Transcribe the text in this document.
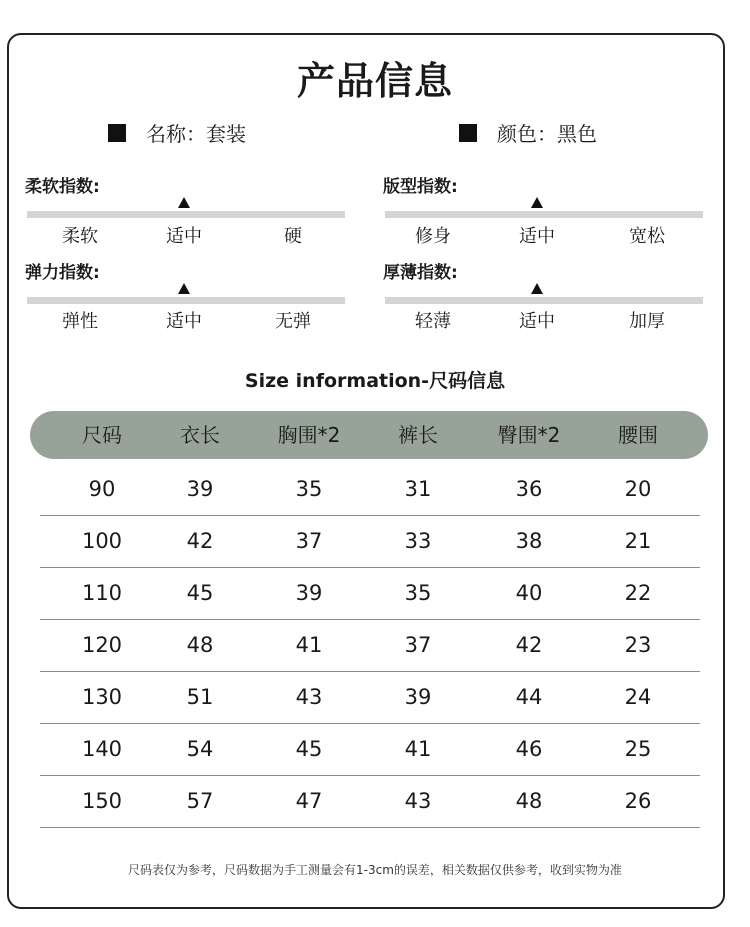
产品信息
名称：套装	颜色：黑色
柔软指数:
柔软	适中	硬
版型指数:
修身	适中	宽松
弹力指数:
弹性	适中	无弹
厚薄指数:
轻薄	适中	加厚
Size information-尺码信息
尺码	衣长	胸围*2	裤长	臀围*2	腰围
90	39	35	31	36	20
100	42	37	33	38	21
110	45	39	35	40	22
120	48	41	37	42	23
130	51	43	39	44	24
140	54	45	41	46	25
150	57	47	43	48	26
尺码表仅为参考，尺码数据为手工测量会有1-3cm的误差，相关数据仅供参考，收到实物为准
